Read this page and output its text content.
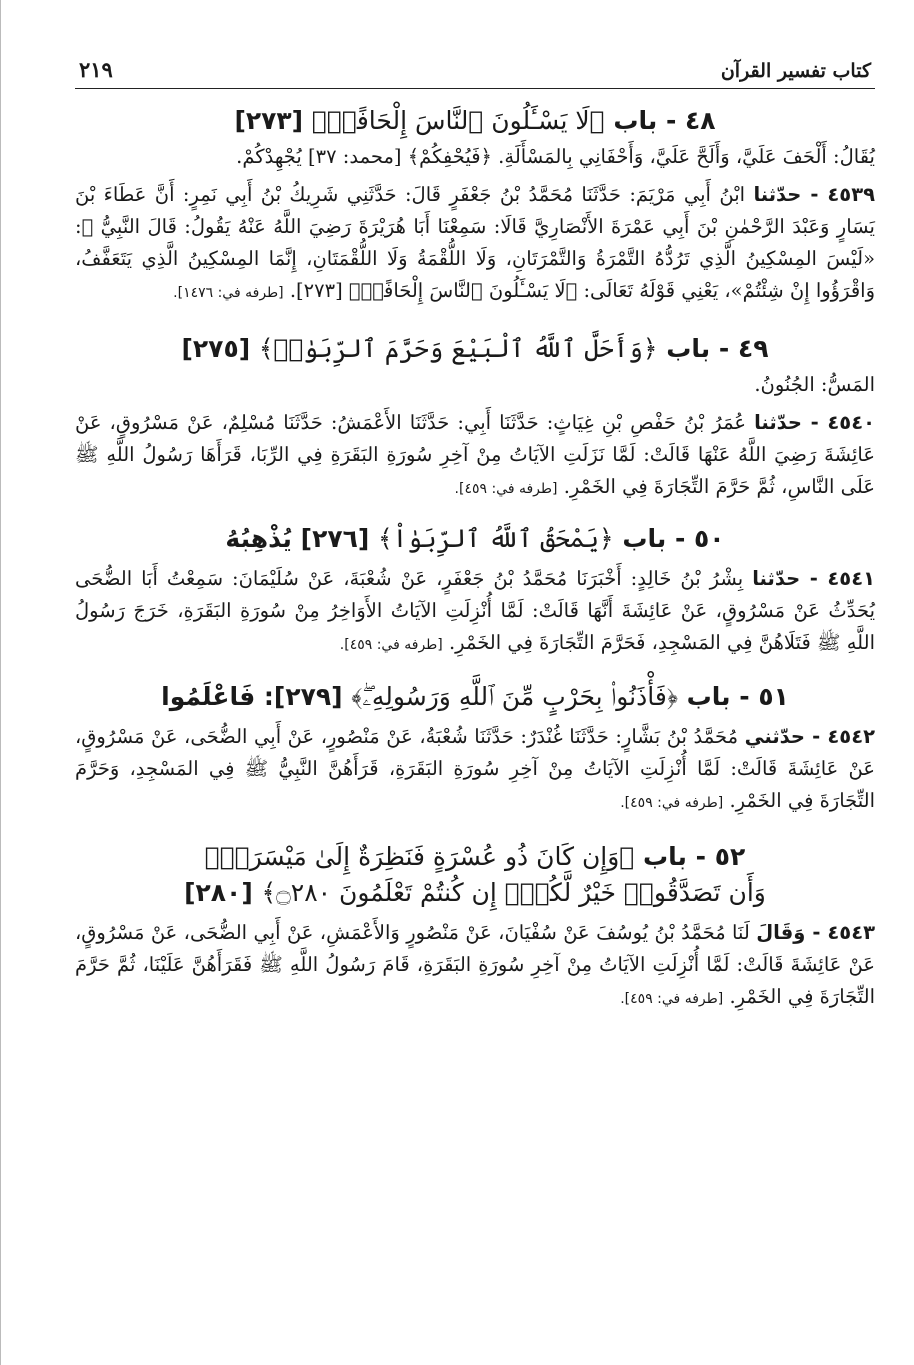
كتاب تفسير القرآن
٢١٩
٤٨ - باب ﴿لَا يَسْـَٔلُونَ ٱلنَّاسَ إِلْحَافًاۗ﴾ [٢٧٣]

يُقَالُ: أَلْحَفَ عَلَيَّ، وَأَلَحَّ عَلَيَّ، وَأَحْفَانِي بِالمَسْأَلَةِ. ﴿فَيُحْفِكُمْ﴾ [محمد: ٣٧] يُجْهِدْكُمْ.

٤٥٣٩ - حدّثنا ابْنُ أَبِي مَرْيَمَ: حَدَّثَنَا مُحَمَّدُ بْنُ جَعْفَرٍ قَالَ: حَدَّثَنِي شَرِيكُ بْنُ أَبِي نَمِرٍ: أَنَّ عَطَاءَ بْنَ يَسَارٍ وَعَبْدَ الرَّحْمٰنِ بْنَ أَبِي عَمْرَةَ الأَنْصَارِيَّ قَالَا: سَمِعْنَا أَبَا هُرَيْرَةَ رَضِيَ اللَّهُ عَنْهُ يَقُولُ: قَالَ النَّبِيُّ ﷺ: «لَيْسَ المِسْكِينُ الَّذِي تَرُدُّهُ التَّمْرَةُ وَالتَّمْرَتَانِ، وَلَا اللُّقْمَةُ وَلَا اللُّقْمَتَانِ، إِنَّمَا المِسْكِينُ الَّذِي يَتَعَفَّفُ، وَاقْرَؤُوا إِنْ شِئْتُمْ»، يَعْنِي قَوْلَهُ تَعَالَى: ﴿لَا يَسْـَٔلُونَ ٱلنَّاسَ إِلْحَافًاۗ﴾ [٢٧٣]. [طرفه في: ١٤٧٦].

٤٩ - باب ﴿وَأَحَلَّ ٱللَّهُ ٱلْبَيْعَ وَحَرَّمَ ٱلرِّبَوٰاۚ﴾ [٢٧٥]

المَسُّ: الجُنُونُ.

٤٥٤٠ - حدّثنا عُمَرُ بْنُ حَفْصِ بْنِ غِيَاثٍ: حَدَّثَنَا أَبِي: حَدَّثَنَا الأَعْمَشُ: حَدَّثَنَا مُسْلِمٌ، عَنْ مَسْرُوقٍ، عَنْ عَائِشَةَ رَضِيَ اللَّهُ عَنْهَا قَالَتْ: لَمَّا نَزَلَتِ الآيَاتُ مِنْ آخِرِ سُورَةِ البَقَرَةِ فِي الرِّبَا، قَرَأَهَا رَسُولُ اللَّهِ ﷺ عَلَى النَّاسِ، ثُمَّ حَرَّمَ التِّجَارَةَ فِي الخَمْرِ. [طرفه في: ٤٥٩].

٥٠ - باب ﴿يَمْحَقُ ٱللَّهُ ٱلرِّبَوٰاْ﴾ [٢٧٦] يُذْهِبُهُ

٤٥٤١ - حدّثنا بِشْرُ بْنُ خَالِدٍ: أَخْبَرَنَا مُحَمَّدُ بْنُ جَعْفَرٍ، عَنْ شُعْبَةَ، عَنْ سُلَيْمَانَ: سَمِعْتُ أَبَا الضُّحَى يُحَدِّثُ عَنْ مَسْرُوقٍ، عَنْ عَائِشَةَ أَنَّهَا قَالَتْ: لَمَّا أُنْزِلَتِ الآيَاتُ الأَوَاخِرُ مِنْ سُورَةِ البَقَرَةِ، خَرَجَ رَسُولُ اللَّهِ ﷺ فَتَلَاهُنَّ فِي المَسْجِدِ، فَحَرَّمَ التِّجَارَةَ فِي الخَمْرِ. [طرفه في: ٤٥٩].

٥١ - باب ﴿فَأْذَنُوا۟ بِحَرْبٍ مِّنَ ٱللَّهِ وَرَسُولِهِۦۖ﴾ [٢٧٩]: فَاعْلَمُوا

٤٥٤٢ - حدّثني مُحَمَّدُ بْنُ بَشَّارٍ: حَدَّثَنَا غُنْدَرٌ: حَدَّثَنَا شُعْبَةُ، عَنْ مَنْصُورٍ، عَنْ أَبِي الضُّحَى، عَنْ مَسْرُوقٍ، عَنْ عَائِشَةَ قَالَتْ: لَمَّا أُنْزِلَتِ الآيَاتُ مِنْ آخِرِ سُورَةِ البَقَرَةِ، قَرَأَهُنَّ النَّبِيُّ ﷺ فِي المَسْجِدِ، وَحَرَّمَ التِّجَارَةَ فِي الخَمْرِ. [طرفه في: ٤٥٩].

٥٢ - باب ﴿وَإِن كَانَ ذُو عُسْرَةٍ فَنَظِرَةٌ إِلَىٰ مَيْسَرَةٍۚ
وَأَن تَصَدَّقُوا۟ خَيْرٌ لَّكُمْۖ إِن كُنتُمْ تَعْلَمُونَ ۝٢٨٠﴾ [٢٨٠]

٤٥٤٣ - وَقَالَ لَنَا مُحَمَّدُ بْنُ يُوسُفَ عَنْ سُفْيَانَ، عَنْ مَنْصُورٍ وَالأَعْمَشِ، عَنْ أَبِي الضُّحَى، عَنْ مَسْرُوقٍ، عَنْ عَائِشَةَ قَالَتْ: لَمَّا أُنْزِلَتِ الآيَاتُ مِنْ آخِرِ سُورَةِ البَقَرَةِ، قَامَ رَسُولُ اللَّهِ ﷺ فَقَرَأَهُنَّ عَلَيْنَا، ثُمَّ حَرَّمَ التِّجَارَةَ فِي الخَمْرِ. [طرفه في: ٤٥٩].
